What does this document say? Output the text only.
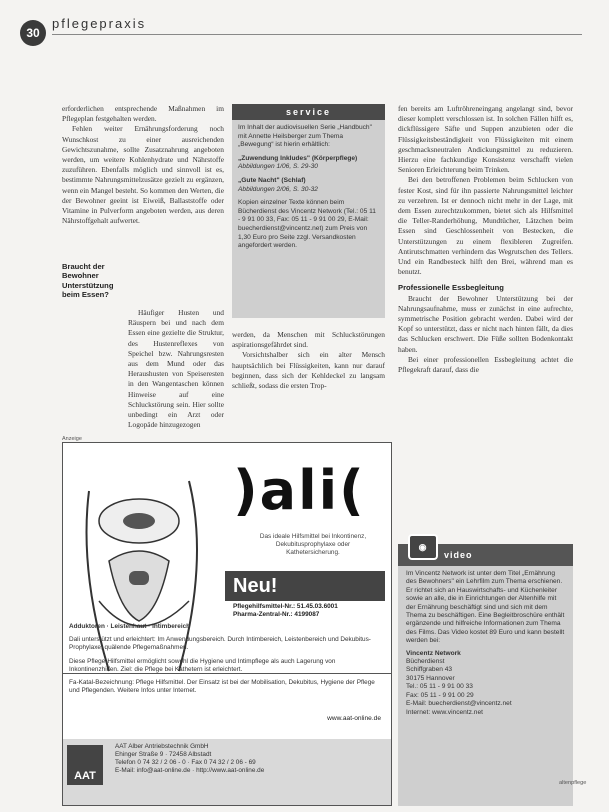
30
pflegepraxis

erforderlichen entsprechende Maßnahmen im Pflegeplan festgehalten werden.

Fehlen weiter Ernährungsforderung noch Wunschkost zu einer ausreichenden Gewichtszunahme, sollte Zusatznahrung angeboten werden, um weitere Kohlenhydrate und Nährstoffe zuzuführen. Ebenfalls möglich und sinnvoll ist es, bestimmte Nahrungsmittelzusätze gezielt zu ergänzen, wenn ein Mangel besteht. So kommen den Werten, die der Bewohner geeint ist Eiweiß, Ballaststoffe oder Vitamine in Pulverform angeboten werden, aus deren Nährstoffgehalt aufwertet.

Braucht der Bewohner Unterstützung beim Essen?

Häufiger Husten und Räuspern bei und nach dem Essen eine gezielte die Struktur, des Hustenreflexes von Speichel bzw. Nahrungsresten aus dem Mund oder das Heraushusten von Speiseresten in den Wangentaschen können Hinweise auf eine Schluckstörung sein. Hier sollte unbedingt ein Arzt oder Logopäde hinzugezogen

service

Im Inhalt der audiovisuellen Serie „Handbuch" mit Annette Heilsberger zum Thema „Bewegung“ ist hierin erhältlich:

„Zuwendung Inkludes" (Körperpflege)
Abbildungen 1/06, S. 29-30

„Gute Nacht" (Schlaf)
Abbildungen 2/06, S. 30-32

Kopien einzelner Texte können beim Bücherdienst des Vincentz Network (Tel.: 05 11 - 9 91 00 33, Fax: 05 11 - 9 91 00 29, E-Mail: buecherdienst@vincentz.net) zum Preis von 1,30 Euro pro Seite zzgl. Versandkosten angefordert werden.

werden, da Menschen mit Schluckstörungen aspirationsgefährdet sind.

Vorsichtshalber sich ein alter Mensch hauptsächlich bei Flüssigkeiten, kann nur darauf beginnen, dass sich der Kehldeckel zu langsam schließt, sodass die ersten Trop-

fen bereits am Luftröhreneingang angelangt sind, bevor dieser komplett verschlossen ist. In solchen Fällen hilft es, dickflüssigere Säfte und Suppen anzubieten oder die Flüssigkeitsbeständigkeit von Flüssigkeiten mit einem geschmacksneutralen Andickungsmittel zu reduzieren. Hierzu eine fachkundige Konsistenz verschafft vielen Senioren Erleichterung beim Trinken.

Bei den betroffenen Problemen beim Schlucken von fester Kost, sind für ihn passierte Nahrungsmittel leichter zu verzehren. Ist er dennoch nicht mehr in der Lage, mit dem Essen zurechtzukommen, bietet sich als Hilfsmittel die Teller-Randerhöhung, Mundtücher, Lätzchen beim Essen sind Geschlossenheit von Bestecken, die Unterstützungen zu einem flexibleren Zugreifen. Antirutschmatten verhindern das Wegrutschen des Tellers. Und ein Randbesteck hilft den Brei, während man es benutzt.

Professionelle Essbegleitung

Braucht der Bewohner Unterstützung bei der Nahrungsaufnahme, muss er zunächst in eine aufrechte, symmetrische Position gebracht werden. Dabei wird der Kopf so unterstützt, dass er nicht nach hinten fällt, da dies das Schlucken erschwert. Die Füße sollten Bodenkontakt haben.

Bei einer professionellen Essbegleitung achtet die Pflegekraft darauf, dass die

Anzeige
)ali(
Das ideale Hilfsmittel bei Inkontinenz, Dekubitusprophylaxe oder Kathetersicherung.
Neu!
Pflegehilfsmittel-Nr.: 51.45.03.6001
Pharma-Zentral-Nr.: 4199087

Adduktoren · Leistenhaut · Intimbereich

Dali unterstützt und erleichtert: Im Anwendungsbereich. Durch Intimbereich, Leistenbereich und Dekubitus-Prophylaxe, quälende Pflegemaßnahmen.

Diese Pflege-Hilfsmittel ermöglicht sowohl die Hygiene und Intimpflege als auch Lagerung von Inkontinenzhilfen. Ziel: die Pflege bei Kathetern ist erleichtert.

Fa-Katal-Bezeichnung: Pflege Hilfsmittel. Der Einsatz ist bei der Mobilisation, Dekubitus, Hygiene der Pflege und Pflegenden. Weitere Infos unter Internet.

www.aat-online.de
AAT
AAT Alber Antriebstechnik GmbH
Ehinger Straße 9 · 72458 Albstadt
Telefon 0 74 32 / 2 06 - 0 · Fax 0 74 32 / 2 06 - 69
E-Mail: info@aat-online.de · http://www.aat-online.de
◉
video

Im Vincentz Network ist unter dem Titel „Ernährung des Bewohners" ein Lehrfilm zum Thema erschienen. Er richtet sich an Hauswirtschafts- und Küchenleiter sowie an alle, die in Einrichtungen der Altenhilfe mit der Ernährung beschäftigt sind und sich mit dem Thema zu beschäftigen. Eine Begleitbroschüre enthält ergänzende und hilfreiche Informationen zum Thema des Films. Das Video kostet 89 Euro und kann bestellt werden bei:

Vincentz Network

Bücherdienst

Schiffgraben 43

30175 Hannover

Tel.: 05 11 - 9 91 00 33

Fax: 05 11 - 9 91 00 29

E-Mail: buecherdienst@vincentz.net

Internet: www.vincentz.net

altenpflege
